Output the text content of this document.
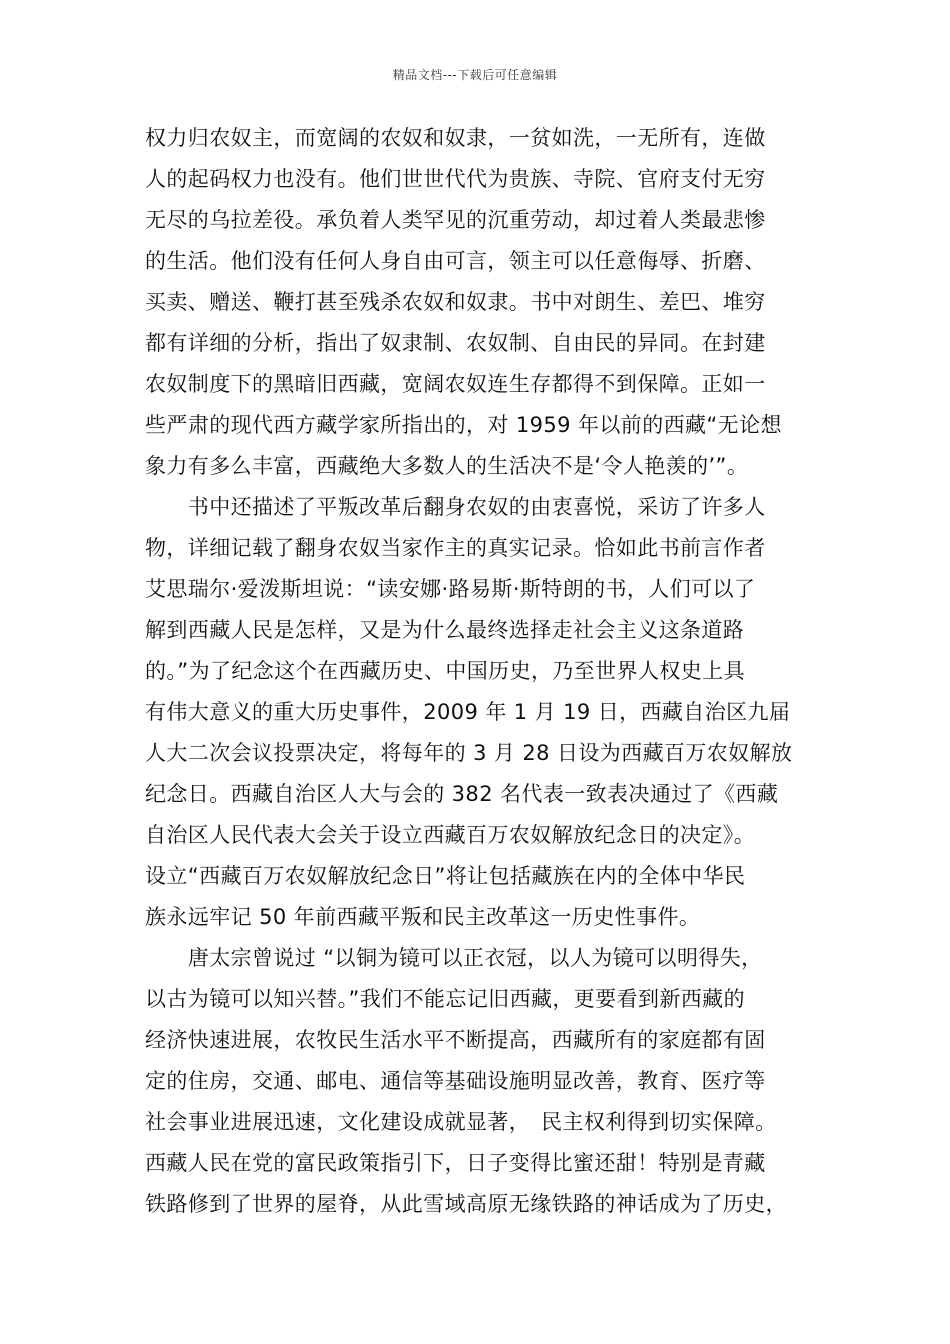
精品文档---下载后可任意编辑
权力归农奴主，而宽阔的农奴和奴隶，一贫如洗，一无所有，连做
人的起码权力也没有。他们世世代代为贵族、寺院、官府支付无穷
无尽的乌拉差役。承负着人类罕见的沉重劳动，却过着人类最悲惨
的生活。他们没有任何人身自由可言，领主可以任意侮辱、折磨、
买卖、赠送、鞭打甚至残杀农奴和奴隶。书中对朗生、差巴、堆穷
都有详细的分析，指出了奴隶制、农奴制、自由民的异同。在封建
农奴制度下的黑暗旧西藏，宽阔农奴连生存都得不到保障。正如一
些严肃的现代西方藏学家所指出的，对 1959 年以前的西藏“无论想
象力有多么丰富，西藏绝大多数人的生活决不是‘令人艳羡的’”。
　　书中还描述了平叛改革后翻身农奴的由衷喜悦，采访了许多人
物，详细记载了翻身农奴当家作主的真实记录。恰如此书前言作者
艾思瑞尔·爱泼斯坦说：“读安娜·路易斯·斯特朗的书，人们可以了
解到西藏人民是怎样，又是为什么最终选择走社会主义这条道路
的。”为了纪念这个在西藏历史、中国历史，乃至世界人权史上具
有伟大意义的重大历史事件，2009 年 1 月 19 日，西藏自治区九届
人大二次会议投票决定，将每年的 3 月 28 日设为西藏百万农奴解放
纪念日。西藏自治区人大与会的 382 名代表一致表决通过了《西藏
自治区人民代表大会关于设立西藏百万农奴解放纪念日的决定》。
设立“西藏百万农奴解放纪念日”将让包括藏族在内的全体中华民
族永远牢记 50 年前西藏平叛和民主改革这一历史性事件。
　　唐太宗曾说过 “以铜为镜可以正衣冠，以人为镜可以明得失，
以古为镜可以知兴替。”我们不能忘记旧西藏，更要看到新西藏的
经济快速进展，农牧民生活水平不断提高，西藏所有的家庭都有固
定的住房，交通、邮电、通信等基础设施明显改善，教育、医疗等
社会事业进展迅速，文化建设成就显著，　民主权利得到切实保障。
西藏人民在党的富民政策指引下，日子变得比蜜还甜！特别是青藏
铁路修到了世界的屋脊，从此雪域高原无缘铁路的神话成为了历史，
